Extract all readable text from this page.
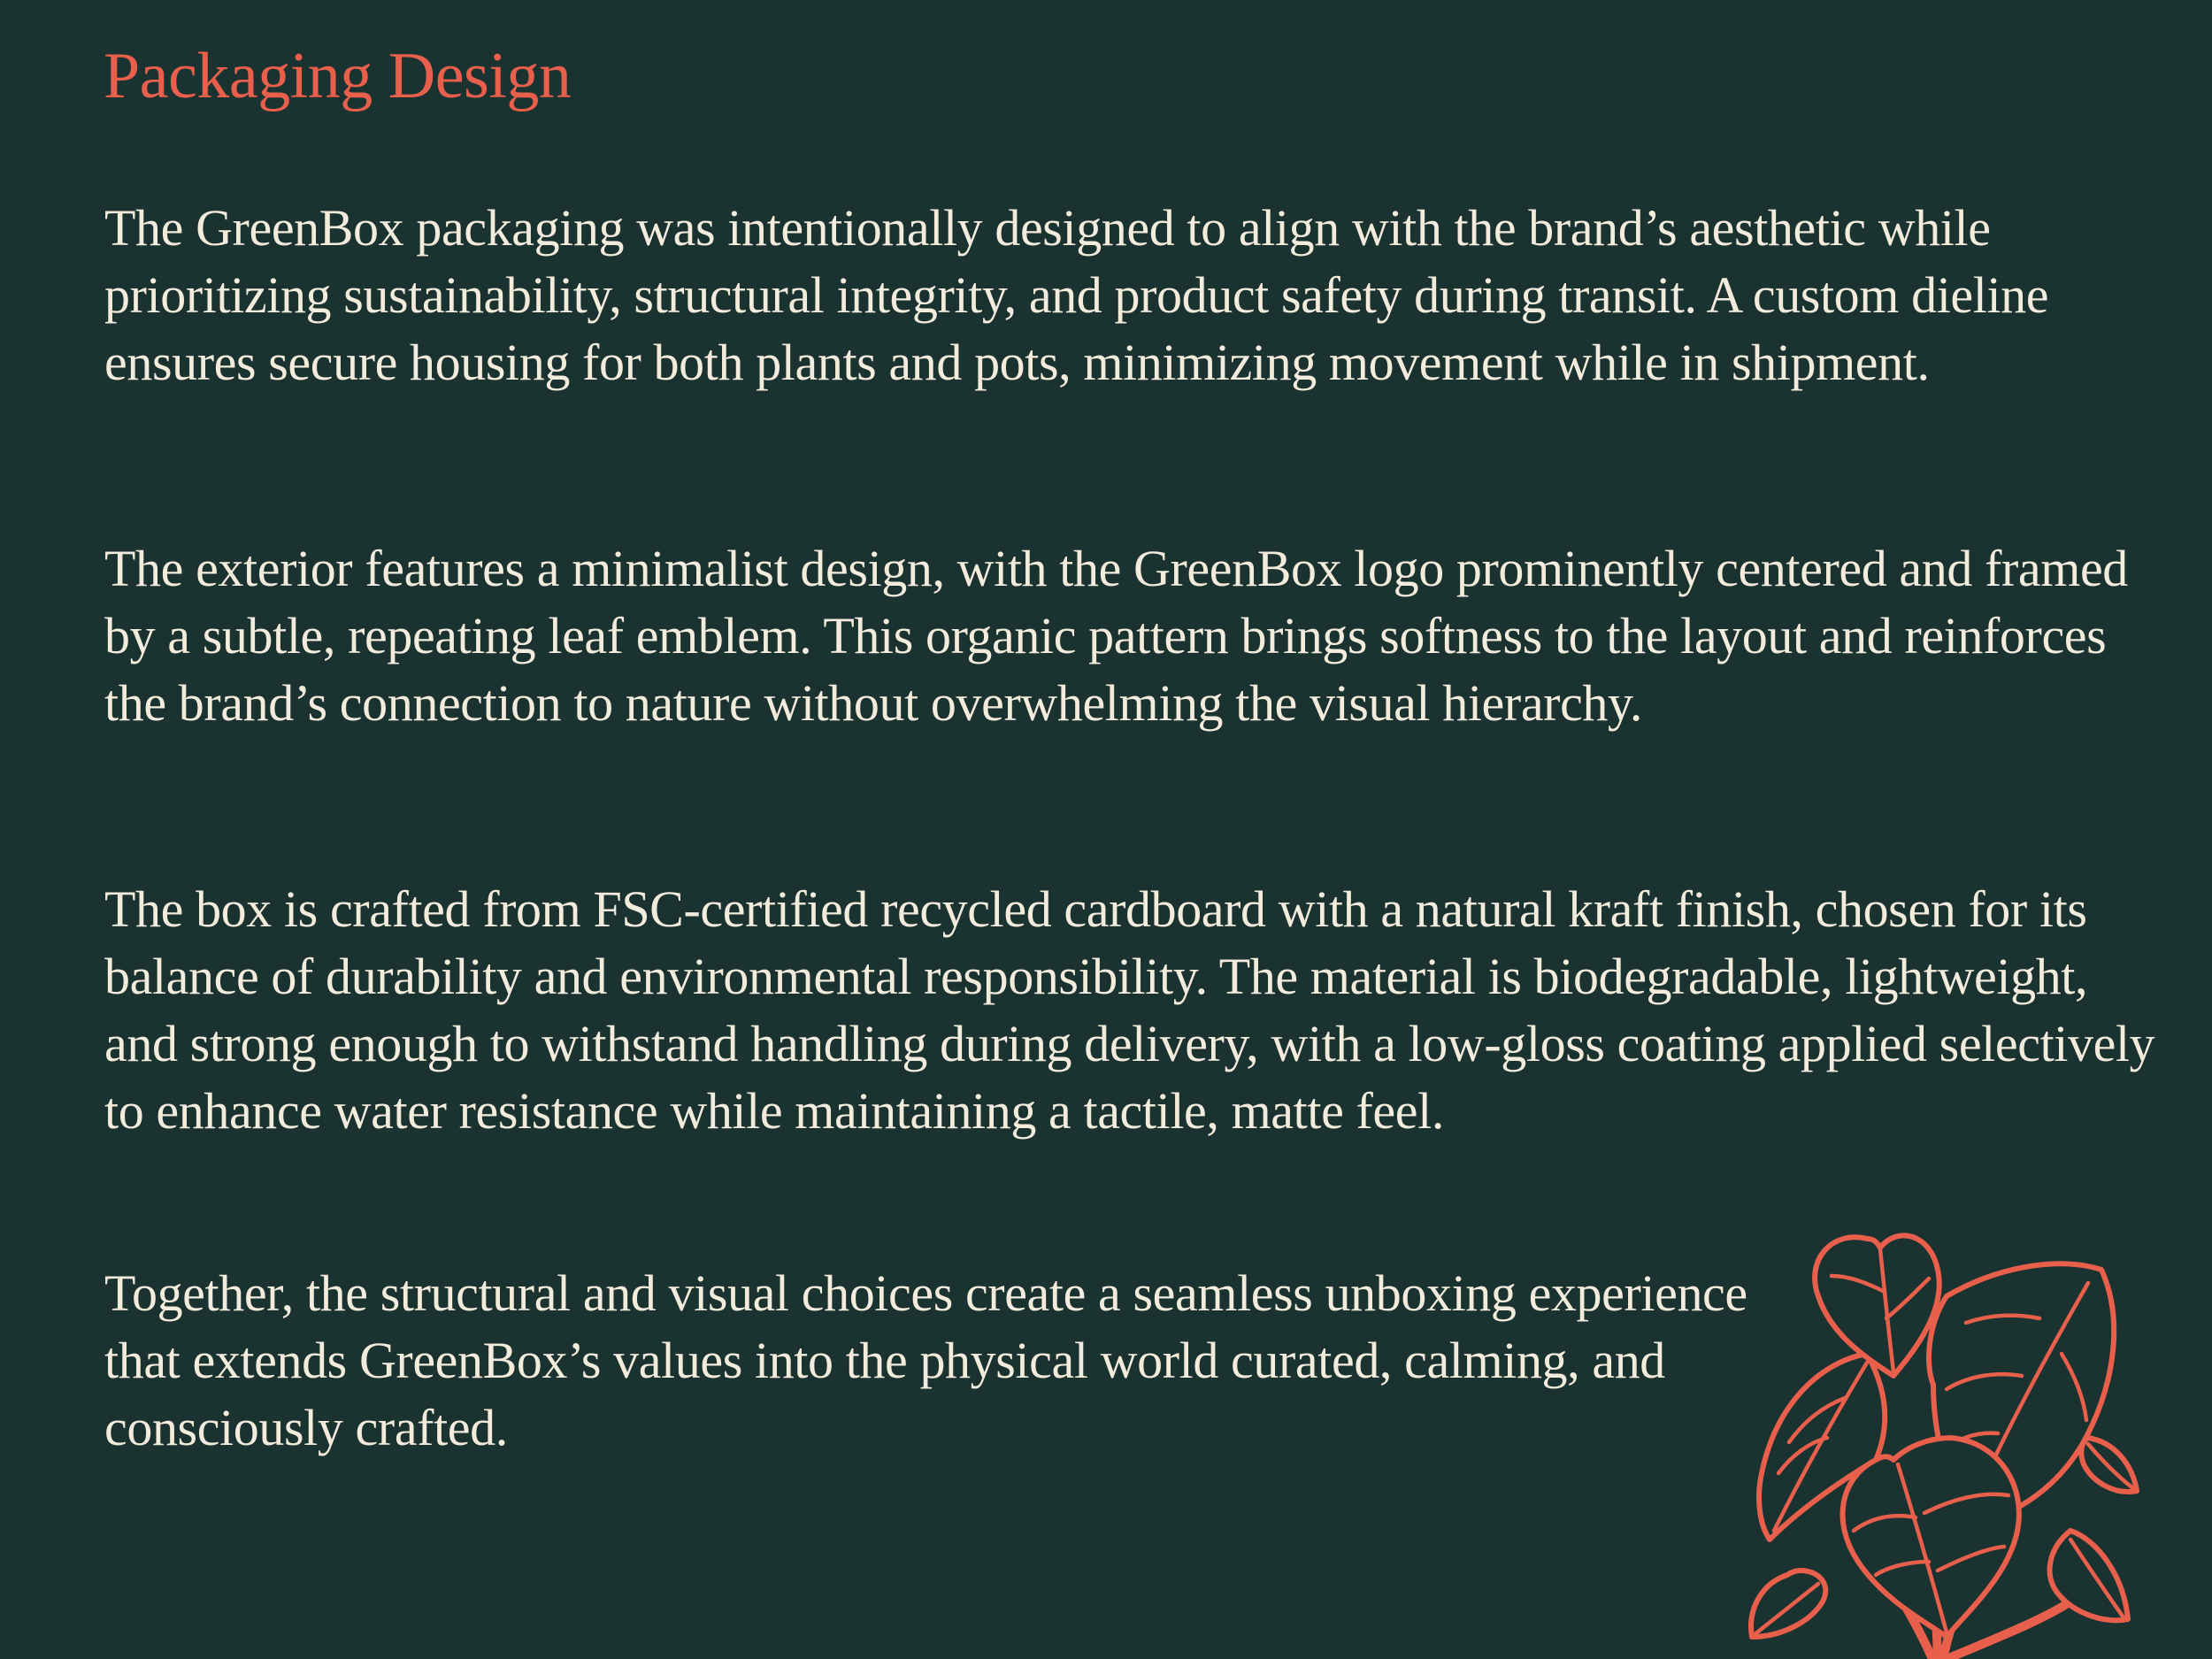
Packaging Design

The GreenBox packaging was intentionally designed to align with the brand’s aesthetic while prioritizing sustainability, structural integrity, and product safety during transit. A custom dieline ensures secure housing for both plants and pots, minimizing movement while in shipment.

The exterior features a minimalist design, with the GreenBox logo prominently centered and framed by a subtle, repeating leaf emblem. This organic pattern brings softness to the layout and reinforces the brand’s connection to nature without overwhelming the visual hierarchy.

The box is crafted from FSC-certified recycled cardboard with a natural kraft finish, chosen for its balance of durability and environmental responsibility. The material is biodegradable, lightweight, and strong enough to withstand handling during delivery, with a low-gloss coating applied selectively to enhance water resistance while maintaining a tactile, matte feel.

Together, the structural and visual choices create a seamless unboxing experience that extends GreenBox’s values into the physical world curated, calming, and consciously crafted.
